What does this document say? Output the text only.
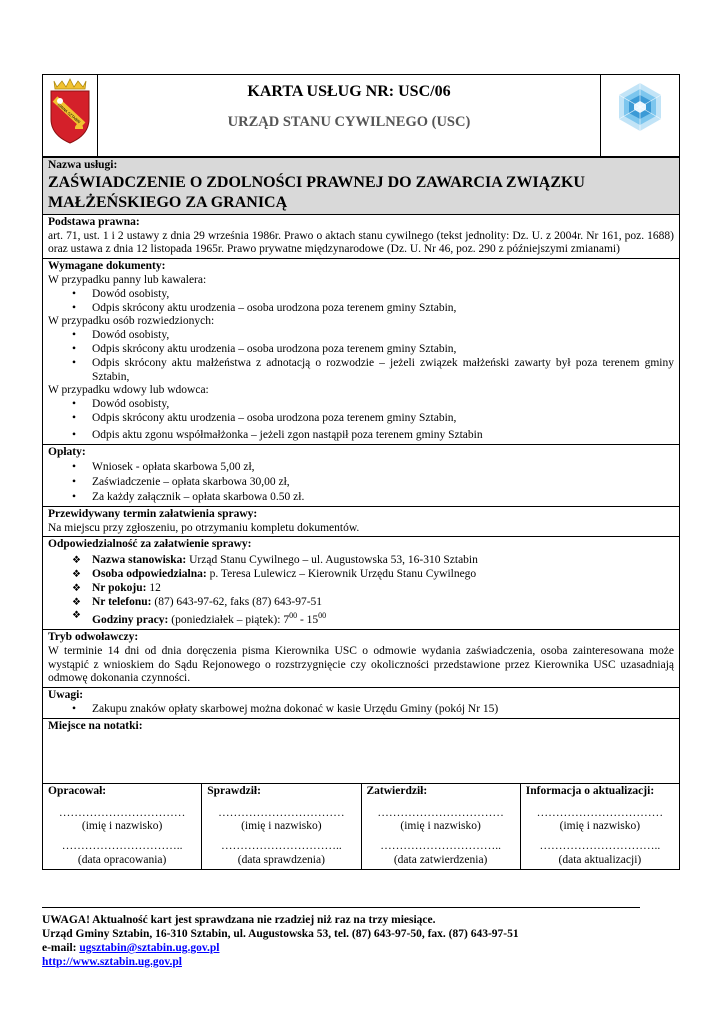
GMINA SZTABIN
KARTA USŁUG NR: USC/06
URZĄD STANU CYWILNEGO (USC)
Nazwa usługi:
ZAŚWIADCZENIE O ZDOLNOŚCI PRAWNEJ DO ZAWARCIA ZWIĄZKU MAŁŻEŃSKIEGO ZA GRANICĄ

Podstawa prawna:
art. 71, ust. 1 i 2 ustawy z dnia 29 września 1986r. Prawo o aktach stanu cywilnego (tekst jednolity: Dz. U. z 2004r. Nr 161, poz. 1688) oraz ustawa z dnia 12 listopada 1965r. Prawo prywatne międzynarodowe (Dz. U. Nr 46, poz. 290 z późniejszymi zmianami)

Wymagane dokumenty:
W przypadku panny lub kawalera:
• Dowód osobisty,
• Odpis skrócony aktu urodzenia – osoba urodzona poza terenem gminy Sztabin,
W przypadku osób rozwiedzionych:
• Dowód osobisty,
• Odpis skrócony aktu urodzenia – osoba urodzona poza terenem gminy Sztabin,
• Odpis skrócony aktu małżeństwa z adnotacją o rozwodzie – jeżeli związek małżeński zawarty był poza terenem gminy Sztabin,
W przypadku wdowy lub wdowca:
• Dowód osobisty,
• Odpis skrócony aktu urodzenia – osoba urodzona poza terenem gminy Sztabin,
• Odpis aktu zgonu współmałżonka – jeżeli zgon nastąpił poza terenem gminy Sztabin

Opłaty:
• Wniosek - opłata skarbowa 5,00 zł,
• Zaświadczenie – opłata skarbowa 30,00 zł,
• Za każdy załącznik – opłata skarbowa 0.50 zł.

Przewidywany termin załatwienia sprawy:
Na miejscu przy zgłoszeniu, po otrzymaniu kompletu dokumentów.

Odpowiedzialność za załatwienie sprawy:
❖ Nazwa stanowiska: Urząd Stanu Cywilnego – ul. Augustowska 53, 16-310 Sztabin
❖ Osoba odpowiedzialna: p. Teresa Lulewicz – Kierownik Urzędu Stanu Cywilnego
❖ Nr pokoju: 12
❖ Nr telefonu: (87) 643-97-62, faks (87) 643-97-51
❖ Godziny pracy: (poniedziałek – piątek): $7^{00} - 15^{00}$

Tryb odwoławczy:
W terminie 14 dni od dnia doręczenia pisma Kierownika USC o odmowie wydania zaświadczenia, osoba zainteresowana może wystąpić z wnioskiem do Sądu Rejonowego o rozstrzygnięcie czy okoliczności przedstawione przez Kierownika USC uzasadniają odmowę dokonania czynności.

Uwagi:
• Zakupu znaków opłaty skarbowej można dokonać w kasie Urzędu Gminy (pokój Nr 15)

Miejsce na notatki:

Opracował:
……………………………
(imię i nazwisko)
…………………………..
(data opracowania)

Sprawdził:
……………………………
(imię i nazwisko)
…………………………..
(data sprawdzenia)

Zatwierdził:
……………………………
(imię i nazwisko)
…………………………..
(data zatwierdzenia)

Informacja o aktualizacji:
……………………………
(imię i nazwisko)
…………………………..
(data aktualizacji)
UWAGA! Aktualność kart jest sprawdzana nie rzadziej niż raz na trzy miesiące.
Urząd Gminy Sztabin, 16-310 Sztabin, ul. Augustowska 53, tel. (87) 643-97-50, fax. (87) 643-97-51
e-mail: ugsztabin@sztabin.ug.gov.pl
http://www.sztabin.ug.gov.pl
